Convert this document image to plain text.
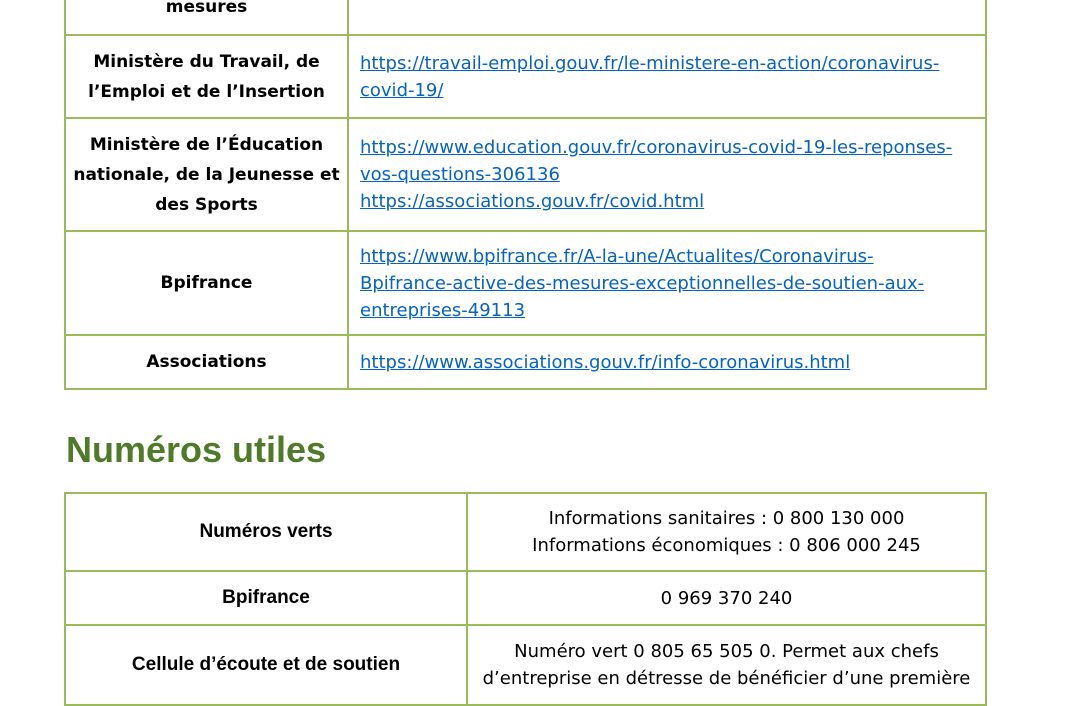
mesures	

Ministère du Travail, de l’Emploi et de l’Insertion	https://travail-emploi.gouv.fr/le-ministere-en-action/coronavirus-
covid-19/

Ministère de l’Éducation nationale, de la Jeunesse et des Sports	https://www.education.gouv.fr/coronavirus-covid-19-les-reponses-
vos-questions-306136
https://associations.gouv.fr/covid.html

Bpifrance	https://www.bpifrance.fr/A-la-une/Actualites/Coronavirus-
Bpifrance-active-des-mesures-exceptionnelles-de-soutien-aux-
entreprises-49113

Associations	https://www.associations.gouv.fr/info-coronavirus.html
Numéros utiles
Numéros verts	Informations sanitaires : 0 800 130 000
Informations économiques : 0 806 000 245

Bpifrance	0 969 370 240

Cellule d’écoute et de soutien	Numéro vert 0 805 65 505 0. Permet aux chefs
d’entreprise en détresse de bénéficier d’une première
